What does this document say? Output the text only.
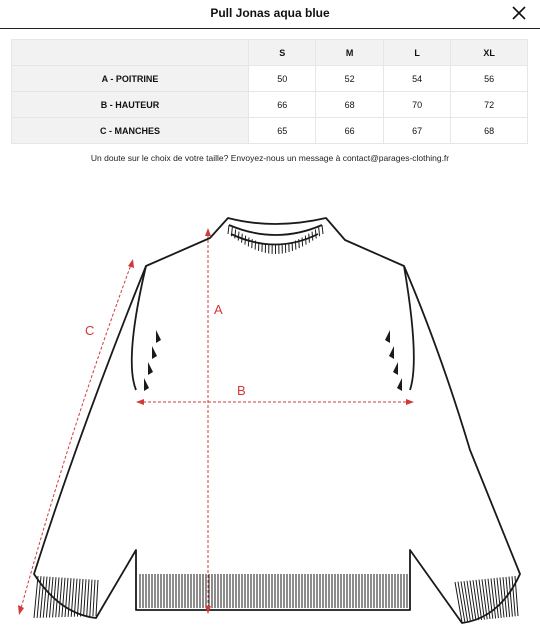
Pull Jonas aqua blue
	S	M	L	XL
A - POITRINE	50	52	54	56
B - HAUTEUR	66	68	70	72
C - MANCHES	65	66	67	68
Un doute sur le choix de votre taille? Envoyez-nous un message à contact@parages-clothing.fr
A
B
C
